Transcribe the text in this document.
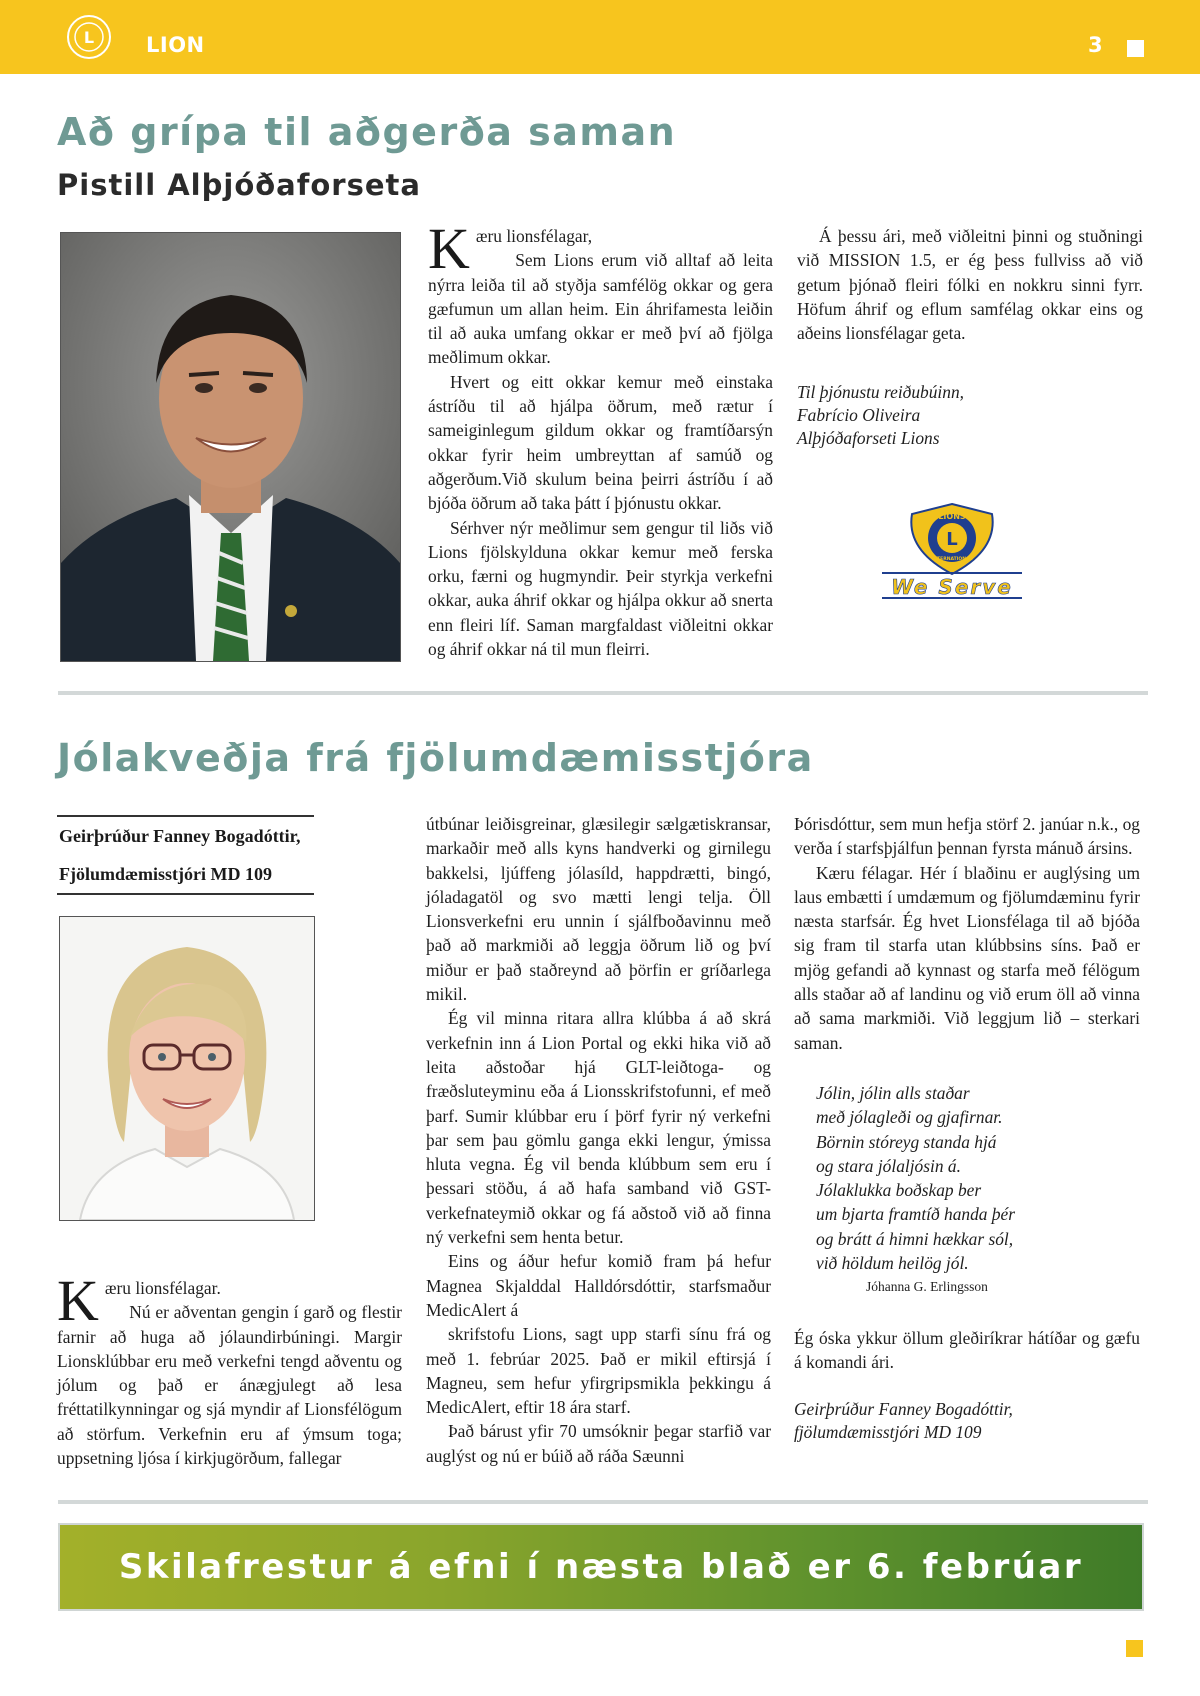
L LION	3
Að grípa til aðgerða saman
Pistill Alþjóðaforseta

Kæru lionsfélagar,
Sem Lions erum við alltaf að leita nýrra leiða til að styðja samfélög okkar og gera gæfumun um allan heim. Ein áhrifamesta leiðin til að auka umfang okkar er með því að fjölga meðlimum okkar.

Hvert og eitt okkar kemur með einstaka ástríðu til að hjálpa öðrum, með rætur í sameiginlegum gildum okkar og framtíðarsýn okkar fyrir heim umbreyttan af samúð og aðgerðum.Við skulum beina þeirri ástríðu í að bjóða öðrum að taka þátt í þjónustu okkar.

Sérhver nýr meðlimur sem gengur til liðs við Lions fjölskylduna okkar kemur með ferska orku, færni og hugmyndir. Þeir styrkja verkefni okkar, auka áhrif okkar og hjálpa okkur að snerta enn fleiri líf. Saman margfaldast viðleitni okkar og áhrif okkar ná til mun fleirri.

Á þessu ári, með viðleitni þinni og stuðningi við MISSION 1.5, er ég þess fullviss að við getum þjónað fleiri fólki en nokkru sinni fyrr. Höfum áhrif og eflum samfélag okkar eins og aðeins lionsfélagar geta.

Til þjónustu reiðubúinn,
Fabrício Oliveira
Alþjóðaforseti Lions
L
LIONS
INTERNATIONAL
We Serve
Jólakveðja frá fjölumdæmisstjóra
Geirþrúður Fanney Bogadóttir,
Fjölumdæmisstjóri MD 109

Kæru lionsfélagar.
Nú er aðventan gengin í garð og flestir farnir að huga að jólaundirbúningi. Margir Lionsklúbbar eru með verkefni tengd aðventu og jólum og það er ánægjulegt að lesa fréttatilkynningar og sjá myndir af Lionsfélögum að störfum. Verkefnin eru af ýmsum toga; uppsetning ljósa í kirkjugörðum, fallegar

útbúnar leiðisgreinar, glæsilegir sælgætiskransar, markaðir með alls kyns handverki og girnilegu bakkelsi, ljúffeng jólasíld, happdrætti, bingó, jóladagatöl og svo mætti lengi telja. Öll Lionsverkefni eru unnin í sjálfboðavinnu með það að markmiði að leggja öðrum lið og því miður er það staðreynd að þörfin er gríðarlega mikil.

Ég vil minna ritara allra klúbba á að skrá verkefnin inn á Lion Portal og ekki hika við að leita aðstoðar hjá GLT-leiðtoga- og fræðsluteyminu eða á Lionsskrifstofunni, ef með þarf. Sumir klúbbar eru í þörf fyrir ný verkefni þar sem þau gömlu ganga ekki lengur, ýmissa hluta vegna. Ég vil benda klúbbum sem eru í þessari stöðu, á að hafa samband við GST-verkefnateymið okkar og fá aðstoð við að finna ný verkefni sem henta betur.

Eins og áður hefur komið fram þá hefur Magnea Skjalddal Halldórsdóttir, starfsmaður MedicAlert á

skrifstofu Lions, sagt upp starfi sínu frá og með 1. febrúar 2025. Það er mikil eftirsjá í Magneu, sem hefur yfirgripsmikla þekkingu á MedicAlert, eftir 18 ára starf.

Það bárust yfir 70 umsóknir þegar starfið var auglýst og nú er búið að ráða Sæunni

Þórisdóttur, sem mun hefja störf 2. janúar n.k., og verða í starfsþjálfun þennan fyrsta mánuð ársins.

Kæru félagar. Hér í blaðinu er auglýsing um laus embætti í umdæmum og fjölumdæminu fyrir næsta starfsár. Ég hvet Lionsfélaga til að bjóða sig fram til starfa utan klúbbsins síns. Það er mjög gefandi að kynnast og starfa með félögum alls staðar að af landinu og við erum öll að vinna að sama markmiði. Við leggjum lið – sterkari saman.

Jólin, jólin alls staðar
með jólagleði og gjafirnar.
Börnin stóreyg standa hjá
og stara jólaljósin á.
Jólaklukka boðskap ber
um bjarta framtíð handa þér
og brátt á himni hækkar sól,
við höldum heilög jól.
Jóhanna G. Erlingsson

Ég óska ykkur öllum gleðiríkrar hátíðar og gæfu á komandi ári.

Geirþrúður Fanney Bogadóttir,
fjölumdæmisstjóri MD 109
Skilafrestur á efni í næsta blað er 6. febrúar
